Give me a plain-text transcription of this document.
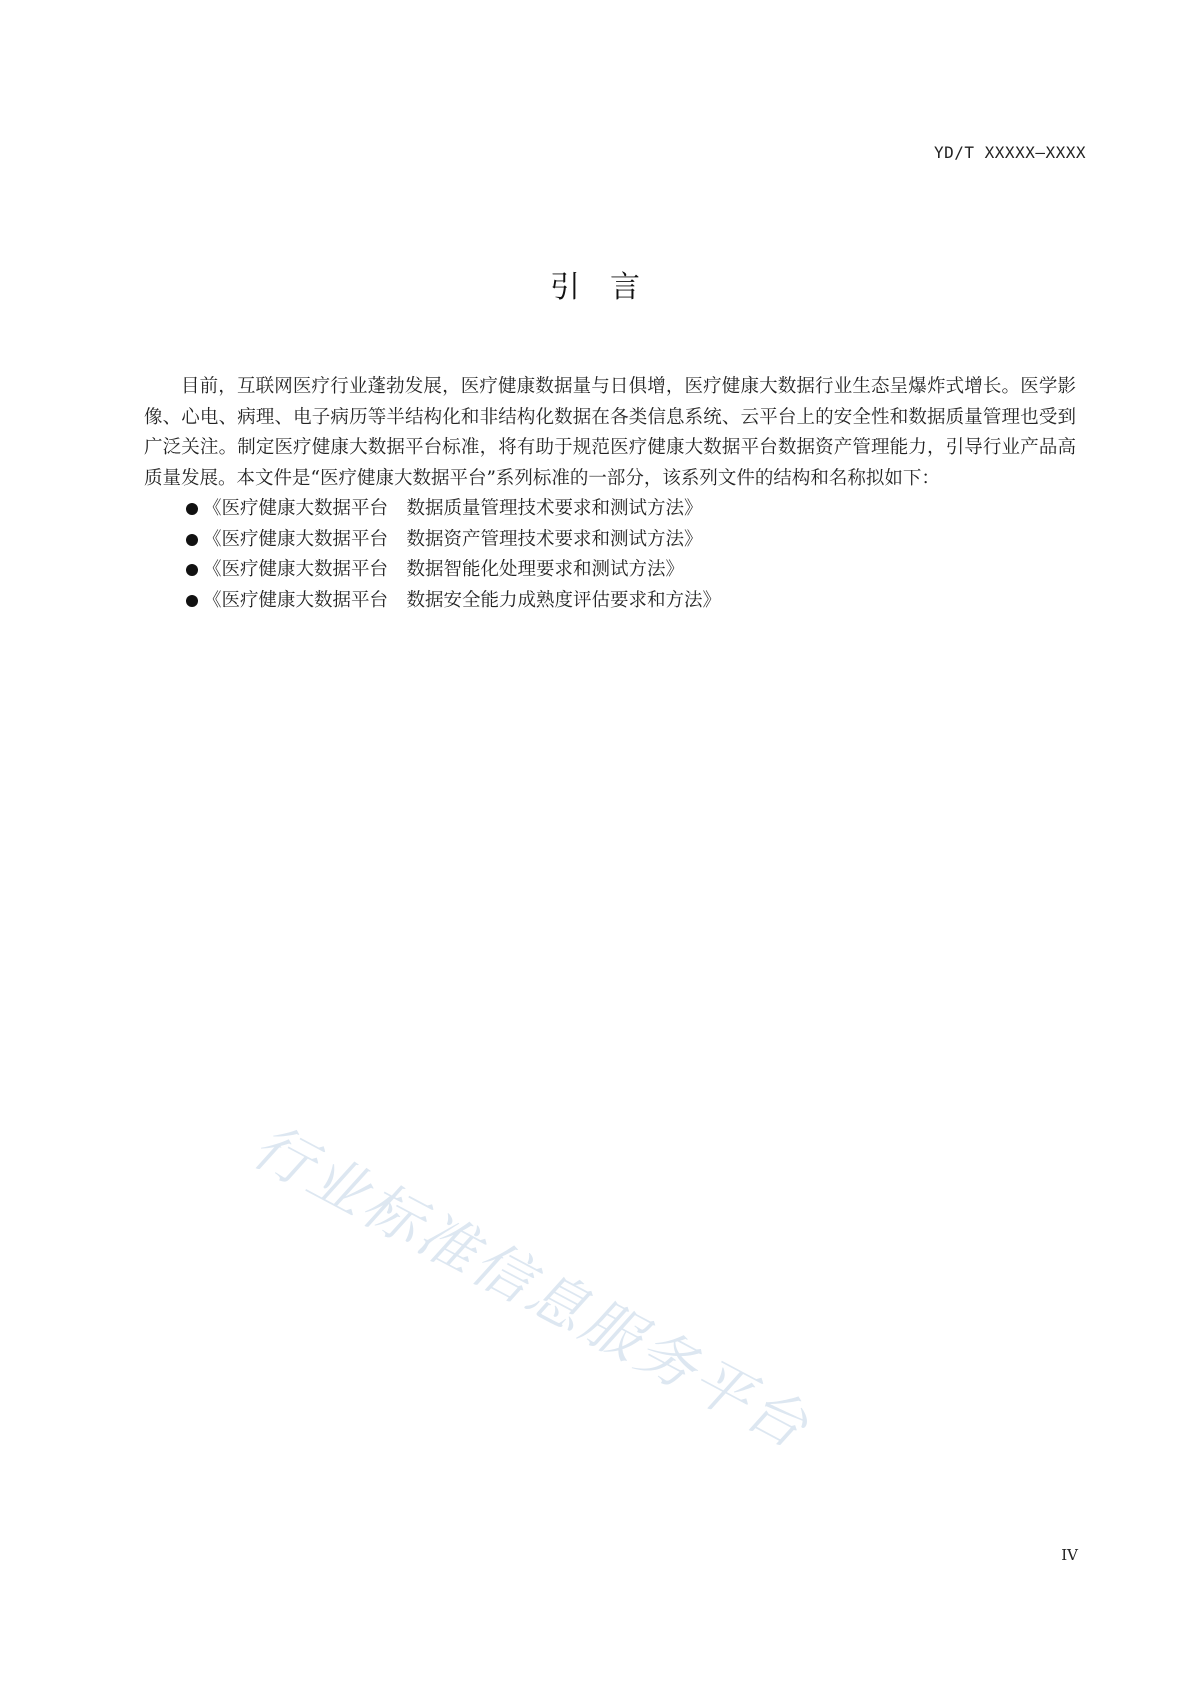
YD/T XXXXX—XXXX
引言

目前，互联网医疗行业蓬勃发展，医疗健康数据量与日俱增，医疗健康大数据行业生态呈爆炸式增长。医学影像、心电、病理、电子病历等半结构化和非结构化数据在各类信息系统、云平台上的安全性和数据质量管理也受到广泛关注。制定医疗健康大数据平台标准，将有助于规范医疗健康大数据平台数据资产管理能力，引导行业产品高质量发展。本文件是“医疗健康大数据平台”系列标准的一部分，该系列文件的结构和名称拟如下：

《医疗健康大数据平台　数据质量管理技术要求和测试方法》
《医疗健康大数据平台　数据资产管理技术要求和测试方法》
《医疗健康大数据平台　数据智能化处理要求和测试方法》
《医疗健康大数据平台　数据安全能力成熟度评估要求和方法》
行业标准信息服务平台
IV
